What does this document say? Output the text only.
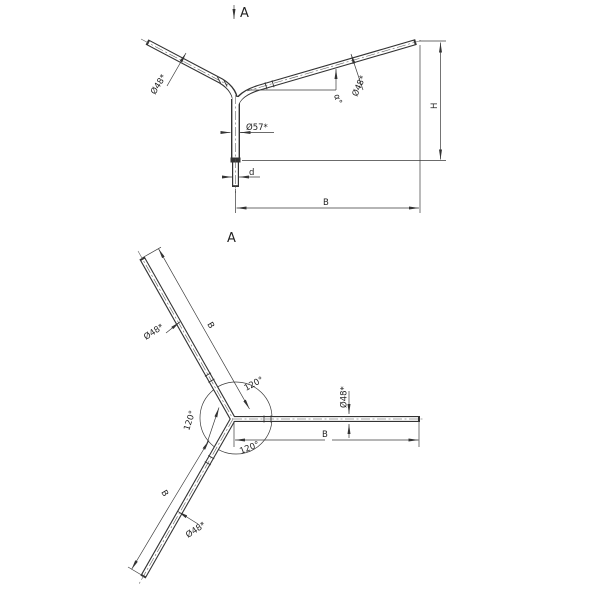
A
Ø48*	Ø48*
α°
Ø57*
d
H
B
A
B
Ø48*
Ø48*
B
B
Ø48*
120°
120°
120°
